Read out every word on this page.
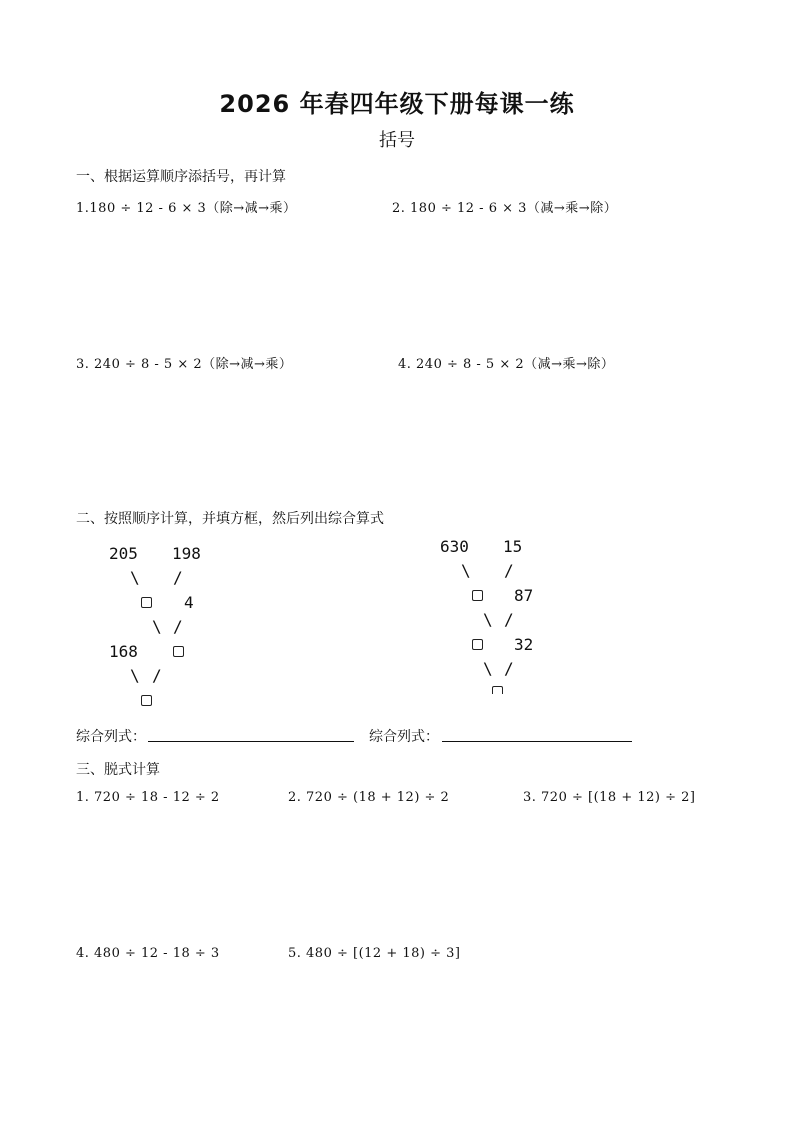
2026 年春四年级下册每课一练
括号
一、根据运算顺序添括号，再计算
1.180 ÷ 12 - 6 × 3（除→减→乘）	2. 180 ÷ 12 - 6 × 3（减→乘→除）
3. 240 ÷ 8 - 5 × 2（除→减→乘）	4. 240 ÷ 8 - 5 × 2（减→乘→除）
二、按照顺序计算，并填方框，然后列出综合算式
205 198
\ /
4
\ /
168
\ /
630 15
\ /
87
\ /
32
\ /
综合列式：	综合列式：
三、脱式计算
1. 720 ÷ 18 - 12 ÷ 2	2. 720 ÷ (18 + 12) ÷ 2	3. 720 ÷ [(18 + 12) ÷ 2]
4. 480 ÷ 12 - 18 ÷ 3	5. 480 ÷ [(12 + 18) ÷ 3]
